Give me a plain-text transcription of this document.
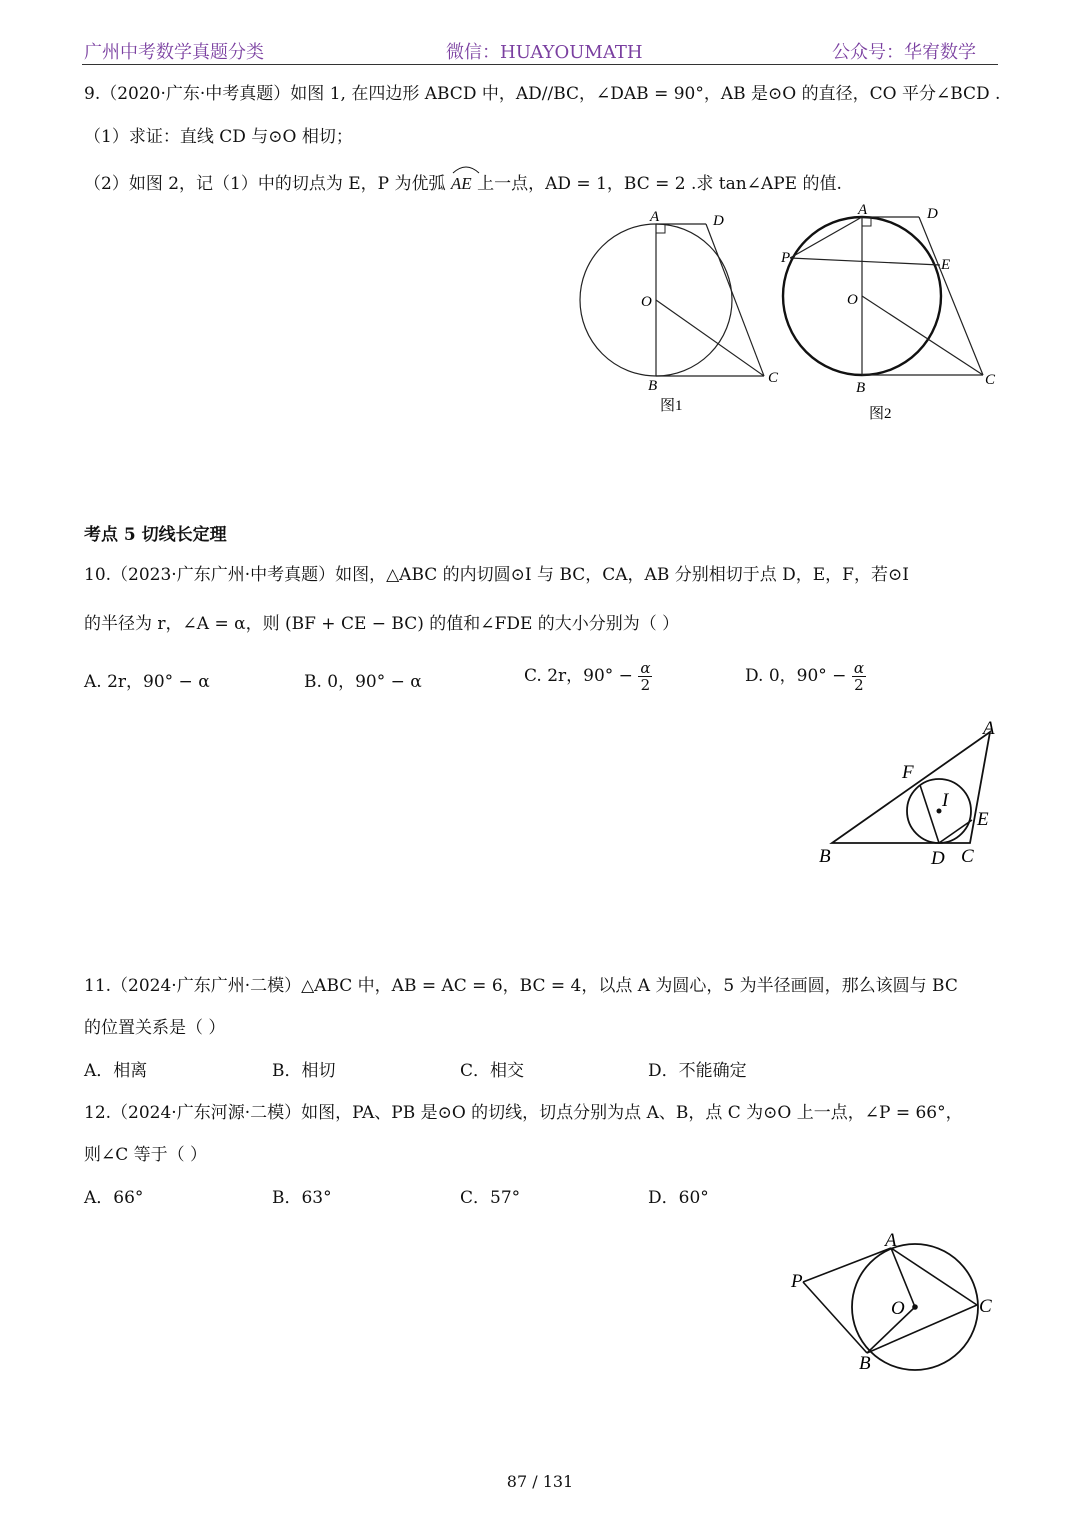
广州中考数学真题分类	微信：HUAYOUMATH	公众号：华宥数学
9.（2020·广东·中考真题）如图 1, 在四边形 ABCD 中，AD//BC，∠DAB = 90°，AB 是⊙O 的直径，CO 平分∠BCD .
（1）求证：直线 CD 与⊙O 相切；
（2）如图 2，记（1）中的切点为 E，P 为优弧 AE 上一点，AD = 1，BC = 2 .求 tan∠APE 的值.
A	D
O
B	C
图1
A	D
P	E
O
B	C
图2
考点 5 切线长定理
10.（2023·广东广州·中考真题）如图，△ABC 的内切圆⊙I 与 BC，CA，AB 分别相切于点 D，E，F，若⊙I
的半径为 r，∠A = α，则 (BF + CE − BC) 的值和∠FDE 的大小分别为（ ）
A. 2r，90° − α	B. 0，90° − α	C. 2r，$90^\circ - \frac{\alpha}{2}$	D. 0，$90^\circ - \frac{\alpha}{2}$
A
F
I
E
B	D C
11.（2024·广东广州·二模）△ABC 中，AB = AC = 6，BC = 4，以点 A 为圆心，5 为半径画圆，那么该圆与 BC
的位置关系是（ ）
A．相离	B．相切	C．相交	D．不能确定
12.（2024·广东河源·二模）如图，PA、PB 是⊙O 的切线，切点分别为点 A、B，点 C 为⊙O 上一点，∠P = 66°，
则∠C 等于（ ）
A．66°	B．63°	C．57°	D．60°
A
P
O	C
B
87 / 131
